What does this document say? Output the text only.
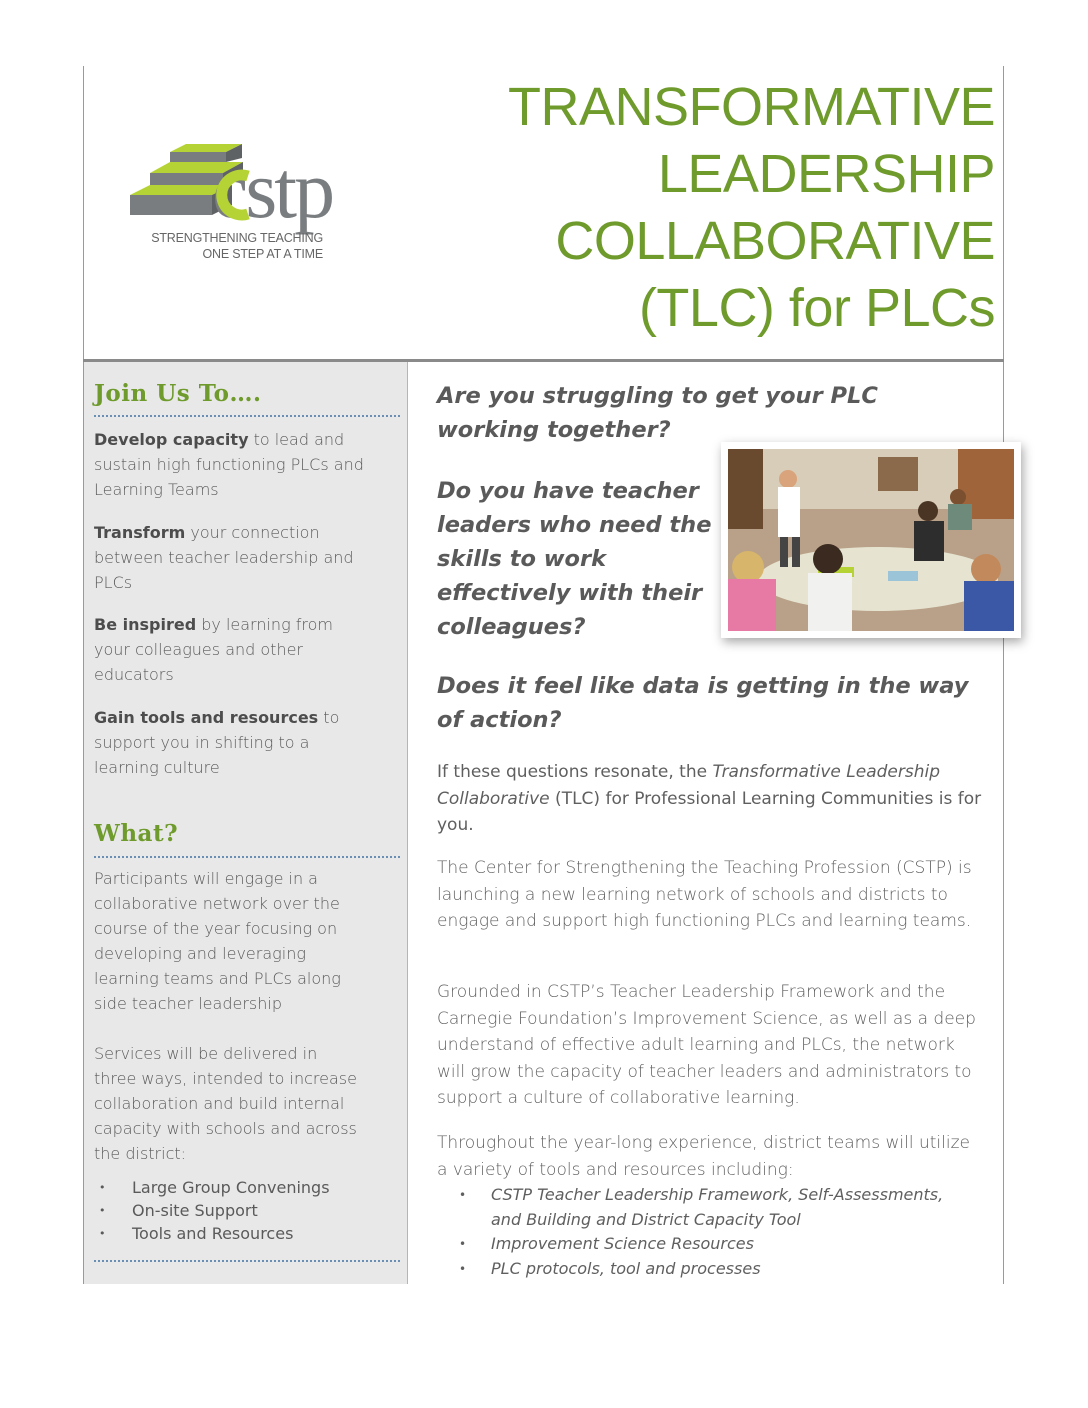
cstp
STRENGTHENING TEACHING
ONE STEP AT A TIME
TRANSFORMATIVE
LEADERSHIP
COLLABORATIVE
(TLC) for PLCs
Join Us To….
Develop capacity to lead and sustain high functioning PLCs and Learning Teams
Transform your connection between teacher leadership and PLCs
Be inspired by learning from your colleagues and other educators
Gain tools and resources to support you in shifting to a learning culture
What?
Participants will engage in a collaborative network over the course of the year focusing on developing and leveraging learning teams and PLCs along side teacher leadership
Services will be delivered in three ways, intended to increase collaboration and build internal capacity with schools and across the district:
• Large Group Convenings
• On-site Support
• Tools and Resources
Are you struggling to get your PLC working together?
Do you have teacher leaders who need the skills to work effectively with their colleagues?
Does it feel like data is getting in the way of action?
If these questions resonate, the Transformative Leadership Collaborative (TLC) for Professional Learning Communities is for you.
The Center for Strengthening the Teaching Profession (CSTP) is launching a new learning network of schools and districts to engage and support high functioning PLCs and learning teams.
Grounded in CSTP’s Teacher Leadership Framework and the Carnegie Foundation’s Improvement Science, as well as a deep understand of effective adult learning and PLCs, the network will grow the capacity of teacher leaders and administrators to support a culture of collaborative learning.
Throughout the year-long experience, district teams will utilize a variety of tools and resources including:
• CSTP Teacher Leadership Framework, Self-Assessments, and Building and District Capacity Tool
• Improvement Science Resources
• PLC protocols, tool and processes
